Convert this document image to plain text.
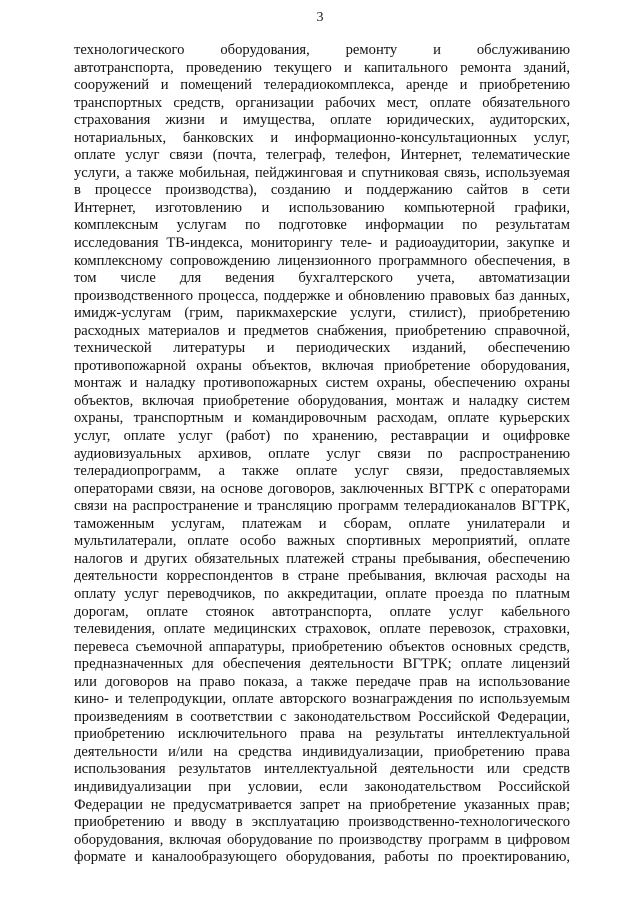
3
технологического оборудования, ремонту и обслуживанию
автотранспорта, проведению текущего и капитального ремонта зданий,
сооружений и помещений телерадиокомплекса, аренде и приобретению
транспортных средств, организации рабочих мест, оплате обязательного
страхования жизни и имущества, оплате юридических, аудиторских,
нотариальных, банковских и информационно-консультационных услуг,
оплате услуг связи (почта, телеграф, телефон, Интернет, телематические
услуги, а также мобильная, пейджинговая и спутниковая связь, используемая
в процессе производства), созданию и поддержанию сайтов в сети
Интернет, изготовлению и использованию компьютерной графики,
комплексным услугам по подготовке информации по результатам
исследования ТВ-индекса, мониторингу теле- и радиоаудитории, закупке и
комплексному сопровождению лицензионного программного обеспечения, в
том числе для ведения бухгалтерского учета, автоматизации
производственного процесса, поддержке и обновлению правовых баз данных,
имидж-услугам (грим, парикмахерские услуги, стилист), приобретению
расходных материалов и предметов снабжения, приобретению справочной,
технической литературы и периодических изданий, обеспечению
противопожарной охраны объектов, включая приобретение оборудования,
монтаж и наладку противопожарных систем охраны, обеспечению охраны
объектов, включая приобретение оборудования, монтаж и наладку систем
охраны, транспортным и командировочным расходам, оплате курьерских
услуг, оплате услуг (работ) по хранению, реставрации и оцифровке
аудиовизуальных архивов, оплате услуг связи по распространению
телерадиопрограмм, а также оплате услуг связи, предоставляемых
операторами связи, на основе договоров, заключенных ВГТРК с операторами
связи на распространение и трансляцию программ телерадиоканалов ВГТРК,
таможенным услугам, платежам и сборам, оплате унилатерали и
мультилатерали, оплате особо важных спортивных мероприятий, оплате
налогов и других обязательных платежей страны пребывания, обеспечению
деятельности корреспондентов в стране пребывания, включая расходы на
оплату услуг переводчиков, по аккредитации, оплате проезда по платным
дорогам, оплате стоянок автотранспорта, оплате услуг кабельного
телевидения, оплате медицинских страховок, оплате перевозок, страховки,
перевеса съемочной аппаратуры, приобретению объектов основных средств,
предназначенных для обеспечения деятельности ВГТРК; оплате лицензий
или договоров на право показа, а также передаче прав на использование
кино- и телепродукции, оплате авторского вознаграждения по используемым
произведениям в соответствии с законодательством Российской Федерации,
приобретению исключительного права на результаты интеллектуальной
деятельности и/или на средства индивидуализации, приобретению права
использования результатов интеллектуальной деятельности или средств
индивидуализации при условии, если законодательством Российской
Федерации не предусматривается запрет на приобретение указанных прав;
приобретению и вводу в эксплуатацию производственно-технологического
оборудования, включая оборудование по производству программ в цифровом
формате и каналообразующего оборудования, работы по проектированию,
